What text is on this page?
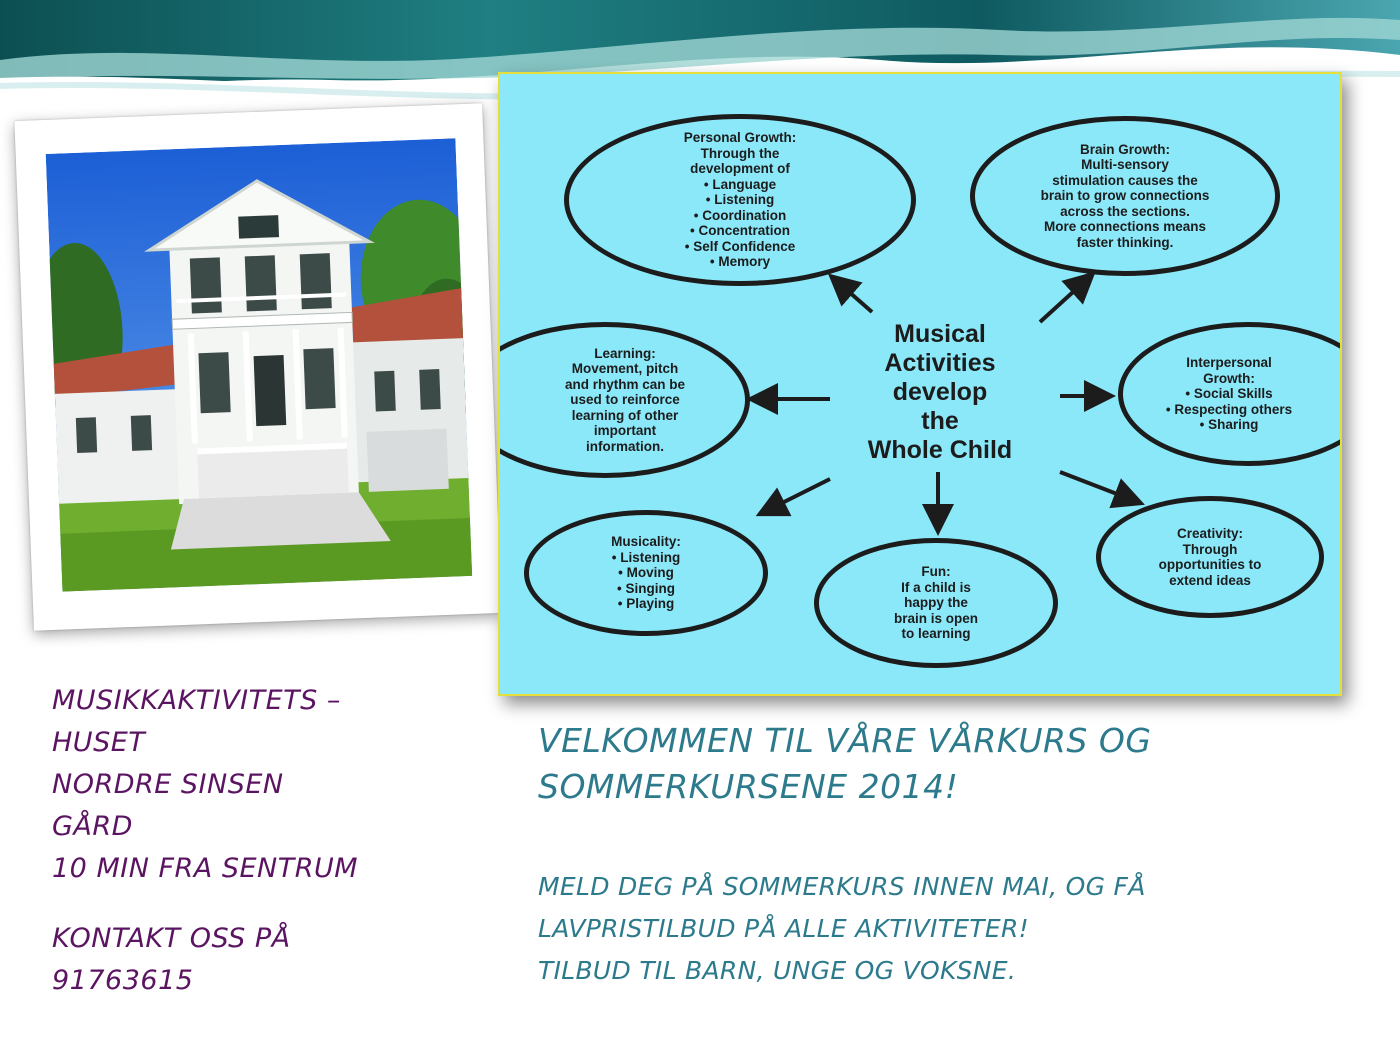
Personal Growth:
Through the
development of
• Language
• Listening
• Coordination
• Concentration
• Self Confidence
• Memory
Brain Growth:
Multi-sensory
stimulation causes the
brain to grow connections
across the sections.
More connections means
faster thinking.
Learning:
Movement, pitch
and rhythm can be
used to reinforce
learning of other
important
information.
Interpersonal
Growth:
• Social Skills
• Respecting others
• Sharing
Musicality:
• Listening
• Moving
• Singing
• Playing
Fun:
If a child is
happy the
brain is open
to learning
Creativity:
Through
opportunities to
extend ideas
Musical
Activities
develop
the
Whole Child
MUSIKKAKTIVITETS –
HUSET
NORDRE SINSEN
GÅRD
10 MIN FRA SENTRUM
KONTAKT OSS PÅ
91763615
VELKOMMEN TIL VÅRE VÅRKURS OG
SOMMERKURSENE 2014!
MELD DEG PÅ SOMMERKURS INNEN MAI, OG FÅ
LAVPRISTILBUD PÅ ALLE AKTIVITETER!
TILBUD TIL BARN, UNGE OG VOKSNE.
